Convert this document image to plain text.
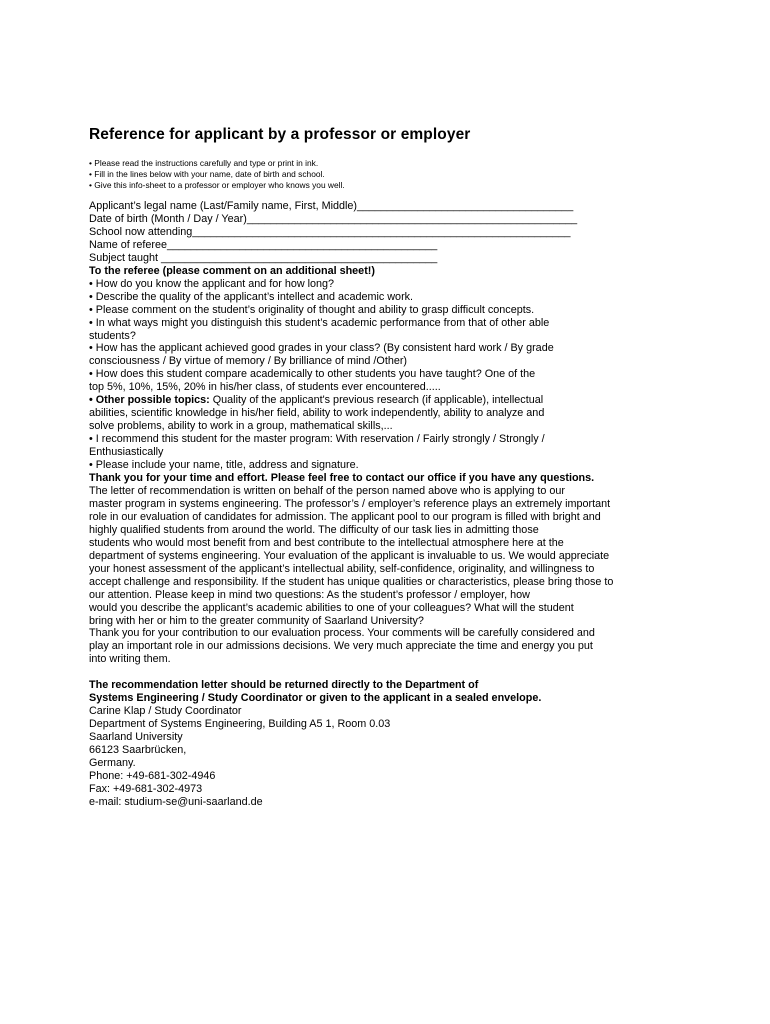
Reference for applicant by a professor or employer
• Please read the instructions carefully and type or print in ink.
• Fill in the lines below with your name, date of birth and school.
• Give this info-sheet to a professor or employer who knows you well.
Applicant’s legal name (Last/Family name, First, Middle)____________________________________
Date of birth (Month / Day / Year)_______________________________________________________
School now attending_______________________________________________________________
Name of referee_____________________________________________
Subject taught ______________________________________________
To the referee (please comment on an additional sheet!)
• How do you know the applicant and for how long?
• Describe the quality of the applicant’s intellect and academic work.
• Please comment on the student’s originality of thought and ability to grasp difficult concepts.
• In what ways might you distinguish this student’s academic performance from that of other able
students?
• How has the applicant achieved good grades in your class? (By consistent hard work / By grade
consciousness / By virtue of memory / By brilliance of mind /Other)
• How does this student compare academically to other students you have taught? One of the
top 5%, 10%, 15%, 20% in his/her class, of students ever encountered.....
• Other possible topics: Quality of the applicant's previous research (if applicable), intellectual
abilities, scientific knowledge in his/her field, ability to work independently, ability to analyze and
solve problems, ability to work in a group, mathematical skills,...
• I recommend this student for the master program: With reservation / Fairly strongly / Strongly /
Enthusiastically
• Please include your name, title, address and signature.
Thank you for your time and effort. Please feel free to contact our office if you have any questions.
The letter of recommendation is written on behalf of the person named above who is applying to our
master program in systems engineering. The professor’s / employer’s reference plays an extremely important
role in our evaluation of candidates for admission. The applicant pool to our program is filled with bright and
highly qualified students from around the world. The difficulty of our task lies in admitting those
students who would most benefit from and best contribute to the intellectual atmosphere here at the
department of systems engineering. Your evaluation of the applicant is invaluable to us. We would appreciate
your honest assessment of the applicant’s intellectual ability, self-confidence, originality, and willingness to
accept challenge and responsibility. If the student has unique qualities or characteristics, please bring those to
our attention. Please keep in mind two questions: As the student’s professor / employer, how
would you describe the applicant’s academic abilities to one of your colleagues? What will the student
bring with her or him to the greater community of Saarland University?
Thank you for your contribution to our evaluation process. Your comments will be carefully considered and
play an important role in our admissions decisions. We very much appreciate the time and energy you put
into writing them.
The recommendation letter should be returned directly to the Department of
Systems Engineering / Study Coordinator or given to the applicant in a sealed envelope.
Carine Klap / Study Coordinator
Department of Systems Engineering, Building A5 1, Room 0.03
Saarland University
66123 Saarbrücken,
Germany.
Phone: +49-681-302-4946
Fax: +49-681-302-4973
e-mail: studium-se@uni-saarland.de
